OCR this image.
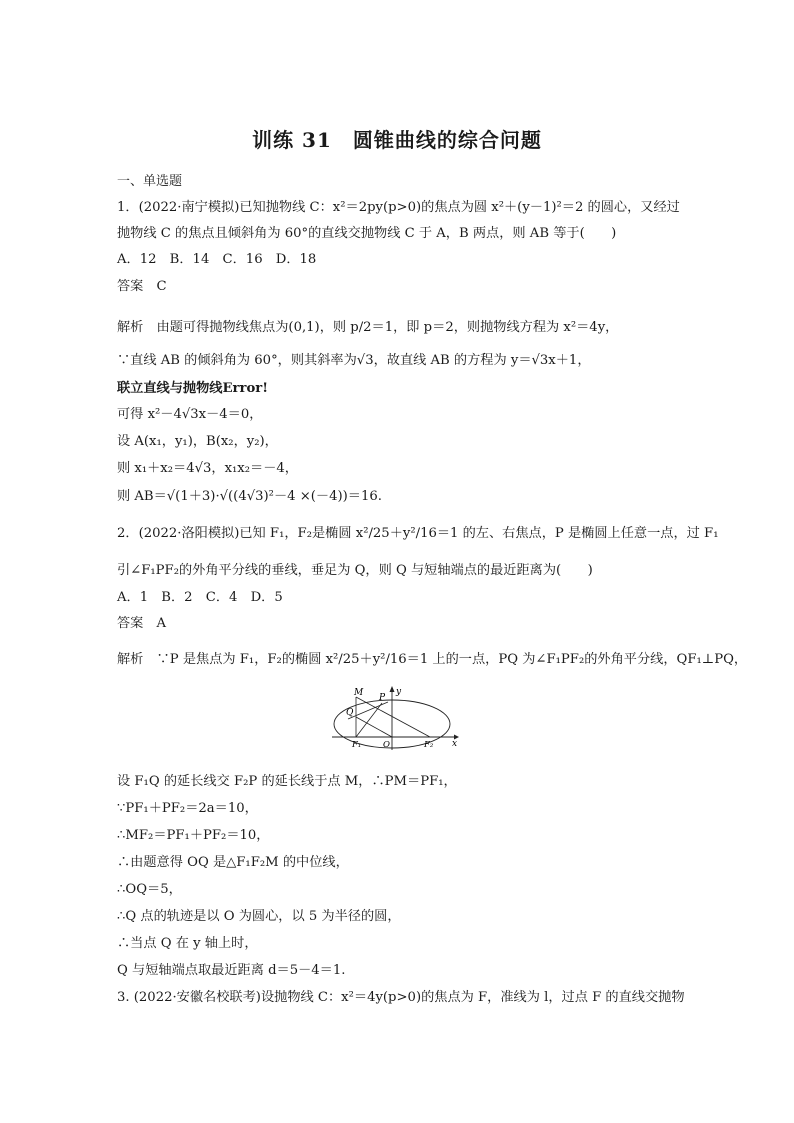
训练 31　圆锥曲线的综合问题
一、单选题
1．(2022·南宁模拟)已知抛物线 C：x²＝2py(p>0)的焦点为圆 x²＋(y－1)²＝2 的圆心，又经过
抛物线 C 的焦点且倾斜角为 60°的直线交抛物线 C 于 A，B 两点，则 AB 等于(　　)
A．12　B．14　C．16　D．18
答案　C
解析　由题可得抛物线焦点为(0,1)，则 p/2＝1，即 p＝2，则抛物线方程为 x²＝4y，
∵直线 AB 的倾斜角为 60°，则其斜率为√3，故直线 AB 的方程为 y＝√3x＋1，
联立直线与抛物线Error!
可得 x²－4√3x－4＝0，
设 A(x₁，y₁)，B(x₂，y₂)，
则 x₁＋x₂＝4√3，x₁x₂＝－4，
则 AB＝√(1＋3)·√((4√3)²－4 ×(－4))＝16.
2．(2022·洛阳模拟)已知 F₁，F₂是椭圆 x²/25＋y²/16＝1 的左、右焦点，P 是椭圆上任意一点，过 F₁
引∠F₁PF₂的外角平分线的垂线，垂足为 Q，则 Q 与短轴端点的最近距离为(　　)
A．1　B．2　C．4　D．5
答案　A
解析　∵P 是焦点为 F₁，F₂的椭圆 x²/25＋y²/16＝1 上的一点，PQ 为∠F₁PF₂的外角平分线，QF₁⊥PQ，
M
Q
P
y
F₁	O	F₂ x
设 F₁Q 的延长线交 F₂P 的延长线于点 M，∴PM＝PF₁，
∵PF₁＋PF₂＝2a＝10，
∴MF₂＝PF₁＋PF₂＝10，
∴由题意得 OQ 是△F₁F₂M 的中位线，
∴OQ＝5，
∴Q 点的轨迹是以 O 为圆心，以 5 为半径的圆，
∴当点 Q 在 y 轴上时，
Q 与短轴端点取最近距离 d＝5－4＝1.
3. (2022·安徽名校联考)设抛物线 C：x²＝4y(p>0)的焦点为 F，准线为 l，过点 F 的直线交抛物
